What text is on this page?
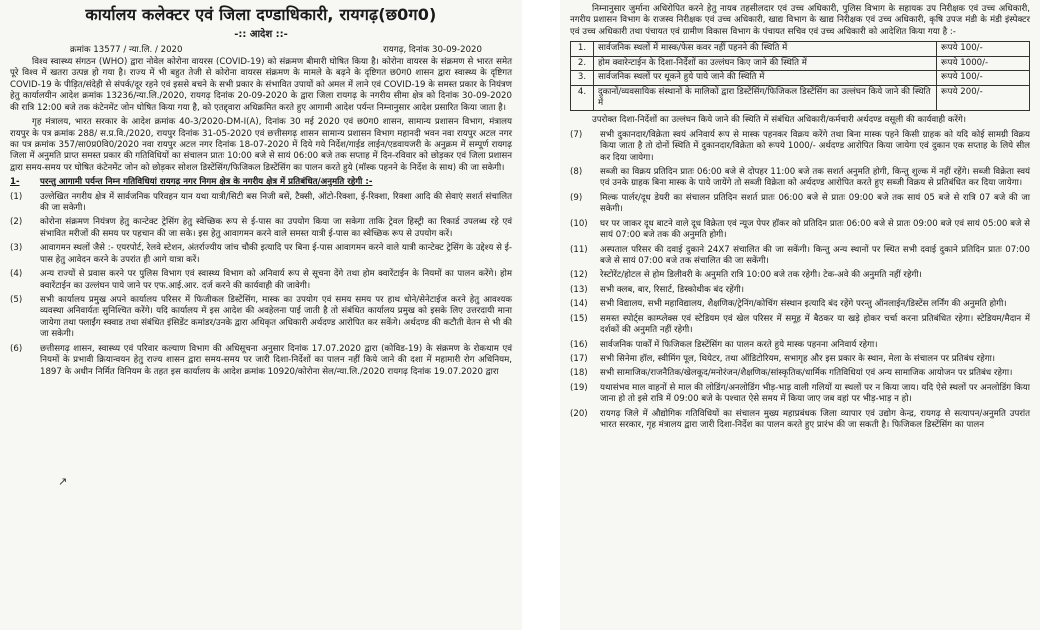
कार्यालय कलेक्टर एवं जिला दण्डाधिकारी, रायगढ़(छ0ग0)
-:: आदेश ::-
क्रमांक 13577 / न्या.लि. / 2020	रायगढ़, दिनांक 30-09-2020

विश्व स्वास्थ्य संगठन (WHO) द्वारा नोवेल कोरोना वायरस (COVID-19) को संक्रमण बीमारी घोषित किया है। कोरोना वायरस के संक्रमण से भारत समेत पूरे विश्व में खतरा उत्पन्न हो गया है। राज्य में भी बहुत तेजी से कोरोना वायरस संक्रमण के मामले के बढ़ने के दृष्टिगत छ0ग0 शासन द्वारा स्वास्थ्य के दृष्टिगत COVID-19 के पीड़ित/संदेही से संपर्क/दूर रहने एवं इससे बचने के सभी प्रकार के संभावित उपायों को अमल में लाने एवं COVID-19 के समस्त प्रकार के नियंत्रण हेतु कार्यालयीन आदेश क्रमांक 13236/न्या.लि./2020, रायगढ़ दिनांक 20-09-2020 के द्वारा जिला रायगढ़ के नगरीय सीमा क्षेत्र को दिनांक 30-09-2020 की रात्रि 12:00 बजे तक कंटेनमेंट जोन घोषित किया गया है, को एतद्द्वारा अधिक्रमित करते हुए आगामी आदेश पर्यन्त निम्नानुसार आदेश प्रसारित किया जाता है।

गृह मंत्रालय, भारत सरकार के आदेश क्रमांक 40-3/2020-DM-I(A), दिनांक 30 मई 2020 एवं छ0ग0 शासन, सामान्य प्रशासन विभाग, मंत्रालय रायपुर के पत्र क्रमांक 288/ स.प्र.वि./2020, रायपुर दिनांक 31-05-2020 एवं छत्तीसगढ़ शासन सामान्य प्रशासन विभाग महानदी भवन नवा रायपुर अटल नगर का पत्र क्रमांक 357/सा0प्र0वि0/2020 नवा रायपुर अटल नगर दिनांक 18-07-2020 में दिये गये निर्देश/गाईड लाईन/एडवायजरी के अनुक्रम में सम्पूर्ण रायगढ़ जिला में अनुमति प्राप्त समस्त प्रकार की गतिविधियों का संचालन प्रातः 10:00 बजे से सायं 06:00 बजे तक सप्ताह में दिन-रविवार को छोड़कर एवं जिला प्रशासन द्वारा समय-समय पर घोषित कंटेनमेंट जोन को छोड़कर सोशल डिस्टेंसिंग/फिजिकल डिस्टेंसिंग का पालन करते हुये (मॉस्क पहनने के निर्देश के साथ) की जा सकेगी।

1-	परन्तु आगामी पर्यन्त निम्न गतिविधियां रायगढ़ नगर निगम क्षेत्र के नगरीय क्षेत्र में प्रतिबंधित/अनुमति रहेगी :-
(1)	उल्लेखित नगरीय क्षेत्र में सार्वजनिक परिवहन यान यथा यात्री/सिटी बस निजी बसें, टैक्सी, ऑटो-रिक्शा, ई-रिक्शा, रिक्शा आदि की सेवाएं सशर्त संचालित की जा सकेगी।
(2)	कोरोना संक्रमण नियंत्रण हेतु कान्टेक्ट ट्रेसिंग हेतु स्वेच्छिक रूप से ई-पास का उपयोग किया जा सकेगा ताकि ट्रेवल हिस्ट्री का रिकार्ड उपलब्ध रहे एवं संभावित मरीजों की समय पर पहचान की जा सके। इस हेतु आवागमन करने वाले समस्त यात्री ई-पास का स्वेच्छिक रूप से उपयोग करें।
(3)	आवागमन स्थलों जैसे :- एयरपोर्ट, रेलवे स्टेशन, अंतर्राज्यीय जांच चौकी इत्यादि पर बिना ई-पास आवागमन करने वाले यात्री कान्टेक्ट ट्रेसिंग के उद्देश्य से ई-पास हेतु आवेदन करने के उपरांत ही आगे यात्रा करें।
(4)	अन्य राज्यों से प्रवास करने पर पुलिस विभाग एवं स्वास्थ्य विभाग को अनिवार्य रूप से सूचना देंगे तथा होम क्वारेंटाईन के नियमों का पालन करेंगे। होम क्वारेंटाईन का उल्लंघन पाये जाने पर एफ.आई.आर. दर्ज करने की कार्यवाही की जावेगी।
(5)	सभी कार्यालय प्रमुख अपने कार्यालय परिसर में फिजीकल डिस्टेंसिंग, मास्क का उपयोग एवं समय समय पर हाथ धोने/सेनेटाईज करने हेतु आवश्यक व्यवस्था अनिवार्यतः सुनिश्चित करेंगे। यदि कार्यालय में इस आदेश की अवहेलना पाई जाती है तो संबंधित कार्यालय प्रमुख को इसके लिए उत्तरदायी माना जायेगा तथा फ्लाईंग स्क्वाड तथा संबंधित इंसिडेंट कमांडर/उनके द्वारा अधिकृत अधिकारी अर्थदण्ड आरोपित कर सकेंगे। अर्थदण्ड की कटौती वेतन से भी की जा सकेगी।
(6)	छत्तीसगढ़ शासन, स्वास्थ्य एवं परिवार कल्याण विभाग की अधिसूचना अनुसार दिनांक 17.07.2020 द्वारा (कोविड-19) के संक्रमण के रोकथाम एवं नियमों के प्रभावी क्रियान्वयन हेतु राज्य शासन द्वारा समय-समय पर जारी दिशा-निर्देशों का पालन नहीं किये जाने की दशा में महामारी रोग अधिनियम, 1897 के अधीन निर्मित विनियम के तहत इस कार्यालय के आदेश क्रमांक 10920/कोरोना सेल/न्या.लि./2020 रायगढ़ दिनांक 19.07.2020 द्वारा
↗

निम्नानुसार जुर्माना अधिरोपित करने हेतु नायब तहसीलदार एवं उच्च अधिकारी, पुलिस विभाग के सहायक उप निरीक्षक एवं उच्च अधिकारी, नगरीय प्रशासन विभाग के राजस्व निरीक्षक एवं उच्च अधिकारी, खाद्य विभाग के खाद्य निरीक्षक एवं उच्च अधिकारी, कृषि उपज मंडी के मंडी इंस्पेक्टर एवं उच्च अधिकारी तथा पंचायत एवं ग्रामीण विकास विभाग के पंचायत सचिव एवं उच्च अधिकारी को आदेशित किया गया है :-

1.	सार्वजनिक स्थलों में मास्क/फेस कवर नहीं पहनने की स्थिति में	रूपये 100/-
2.	होम क्वारेन्टाईन के दिशा-निर्देशों का उल्लंघन किए जाने की स्थिति में	रूपये 1000/-
3.	सार्वजनिक स्थलों पर थूकने हुये पाये जाने की स्थिति में	रूपये 100/-
4.	दुकानों/व्यवसायिक संस्थानों के मालिकों द्वारा डिस्टेंसिंग/फिजिकल डिस्टेंसिंग का उल्लंघन किये जाने की स्थिति में	रूपये 200/-

उपरोक्त दिशा-निर्देशों का उल्लंघन किये जाने की स्थिति में संबंधित अधिकारी/कर्मचारी अर्थदण्ड वसूली की कार्यवाही करेंगे।

(7)	सभी दुकानदार/विक्रेता स्वयं अनिवार्य रूप से मास्क पहनकर विक्रय करेंगे तथा बिना मास्क पहने किसी ग्राहक को यदि कोई सामग्री विक्रय किया जाता है तो दोनों स्थिति में दुकानदार/विक्रेता को रूपये 1000/- अर्थदण्ड आरोपित किया जायेगा एवं दुकान एक सप्ताह के लिये सील कर दिया जायेगा।
(8)	सब्जी का विक्रय प्रतिदिन प्रातः 06:00 बजे से दोपहर 11:00 बजे तक सशर्त अनुमति होगी, किन्तु शुल्क में नहीं रहेंगे। सब्जी विक्रेता स्वयं एवं उनके ग्राहक बिना मास्क के पाये जायेंगे तो सब्जी विक्रेता को अर्थदण्ड आरोपित करते हुए सब्जी विक्रय से प्रतिबंधित कर दिया जायेगा।
(9)	मिल्क पार्लर/दूध डेयरी का संचालन प्रतिदिन सशर्त प्रातः 06:00 बजे से प्रातः 09:00 बजे तक सायं 05 बजे से रात्रि 07 बजे की जा सकेगी।
(10)	घर पर जाकर दूध बाटने वाले दूध विक्रेता एवं न्यूज पेपर हॉकर को प्रतिदिन प्रातः 06:00 बजे से प्रातः 09:00 बजे एवं सायं 05:00 बजे से सायं 07:00 बजे तक की अनुमति होगी।
(11)	अस्पताल परिसर की दवाई दुकाने 24X7 संचालित की जा सकेंगी। किन्तु अन्य स्थानों पर स्थित सभी दवाई दुकाने प्रतिदिन प्रातः 07:00 बजे से सायं 07:00 बजे तक संचालित की जा सकेंगी।
(12)	रेस्टोरेंट/होटल से होम डिलीवरी के अनुमति रात्रि 10:00 बजे तक रहेगी। टेक-अवे की अनुमति नहीं रहेगी।
(13)	सभी क्लब, बार, रिसार्ट, डिस्कोथीक बंद रहेंगी।
(14)	सभी विद्यालय, सभी महाविद्यालय, शैक्षणिक/ट्रेनिंग/कोचिंग संस्थान इत्यादि बंद रहेंगे परन्तु ऑनलाईन/डिस्टेंस लर्निंग की अनुमति होगी।
(15)	समस्त स्पोर्ट्स काम्प्लेक्स एवं स्टेडियम एवं खेल परिसर में समूह में बैठकर या खड़े होकर चर्चा करना प्रतिबंधित रहेगा। स्टेडियम/मैदान में दर्शकों की अनुमति नहीं रहेगी।
(16)	सार्वजनिक पार्कों में फिजिकल डिस्टेंसिंग का पालन करते हुये मास्क पहनना अनिवार्य रहेगा।
(17)	सभी सिनेमा हॉल, स्वीमिंग पूल, थियेटर, तथा ऑडिटोरियम, सभागृह और इस प्रकार के स्थान, मेला के संचालन पर प्रतिबंध रहेगा।
(18)	सभी सामाजिक/राजनैतिक/खेलकूद/मनोरंजन/शैक्षणिक/सांस्कृतिक/धार्मिक गतिविधियां एवं अन्य सामाजिक आयोजन पर प्रतिबंध रहेगा।
(19)	यथासंभव माल वाहनों से माल की लोडिंग/अनलोडिंग भीड़-भाड़ वाली गलियों या स्थलों पर न किया जाय। यदि ऐसे स्थलों पर अनलोडिंग किया जाना हो तो इसे रात्रि में 09:00 बजे के पश्चात ऐसे समय में किया जाए जब वहां पर भीड़-भाड़ न हो।
(20)	रायगढ़ जिले में औद्योगिक गतिविधियों का संचालन मुख्य महाप्रबंधक जिला व्यापार एवं उद्योग केन्द्र, रायगढ़ से सत्यापन/अनुमति उपरांत भारत सरकार, गृह मंत्रालय द्वारा जारी दिशा-निर्देश का पालन करते हुए प्रारंभ की जा सकती है। फिजिकल डिस्टेंसिंग का पालन
